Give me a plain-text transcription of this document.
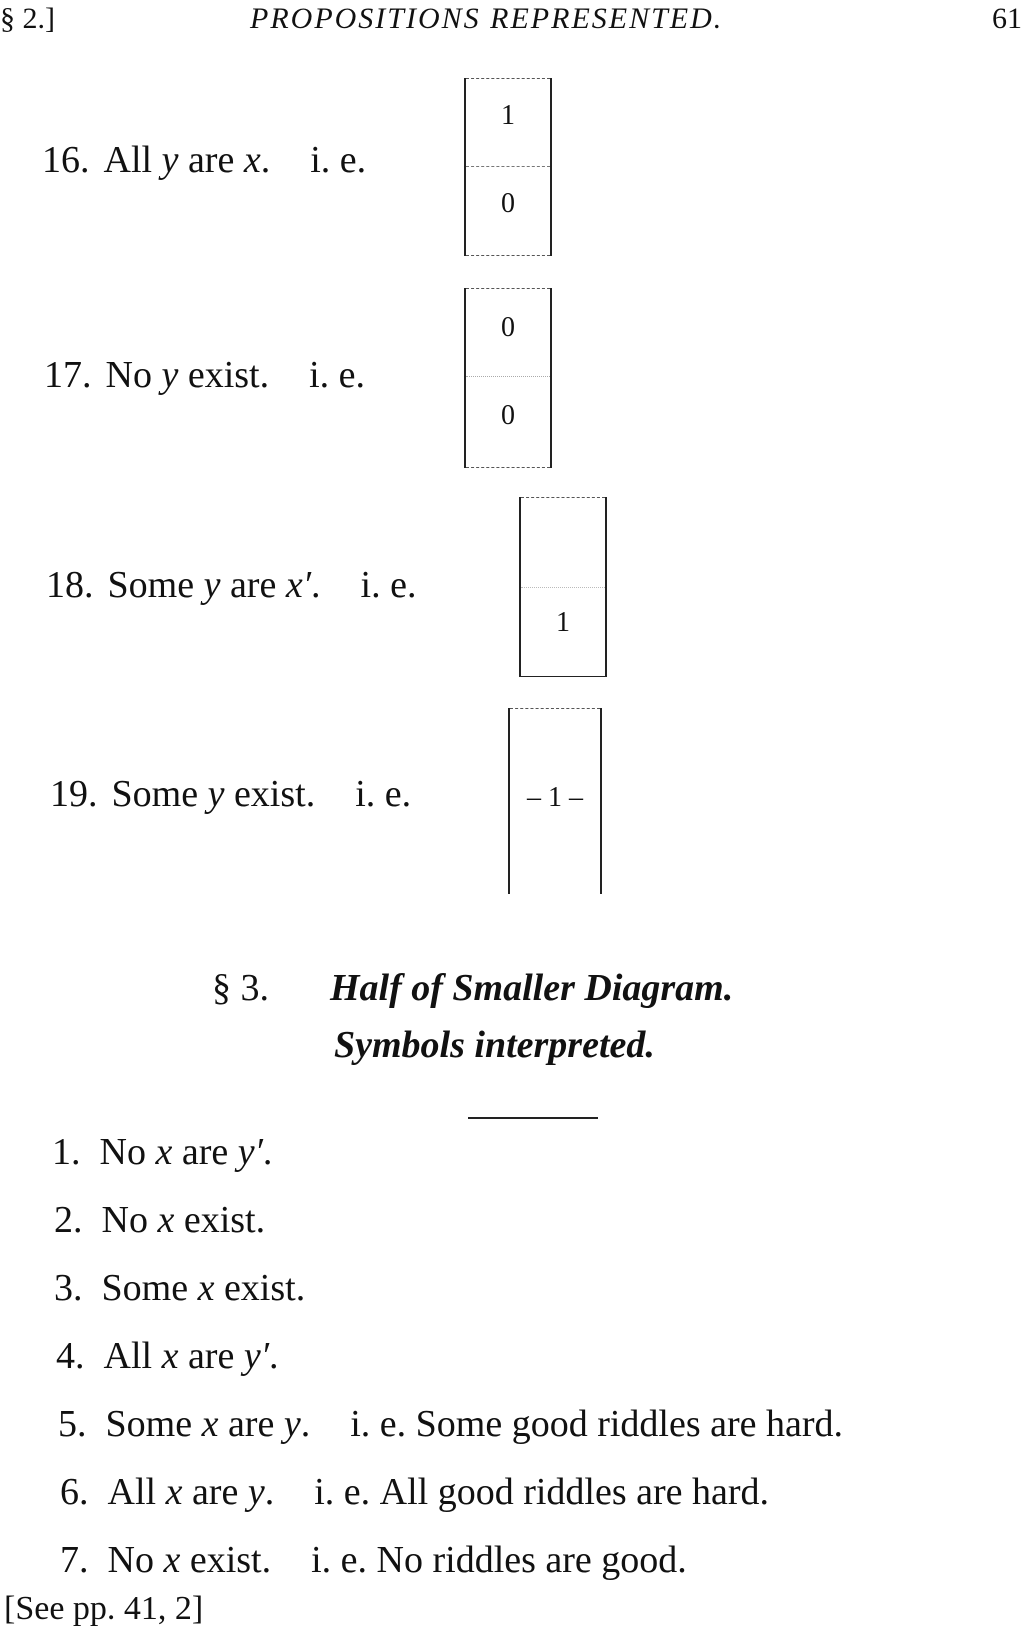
§ 2.]	PROPOSITIONS REPRESENTED.	61
16. All y are x. i. e.
1
0
17. No y exist. i. e.
0
0
18. Some y are x′. i. e.
1
19. Some y exist. i. e.	– 1 –
§ 3. Half of Smaller Diagram.
Symbols interpreted.
1. No x are y′.
2. No x exist.
3. Some x exist.
4. All x are y′.
5. Some x are y. i. e. Some good riddles are hard.
6. All x are y. i. e. All good riddles are hard.
7. No x exist. i. e. No riddles are good.
[See pp. 41, 2]
